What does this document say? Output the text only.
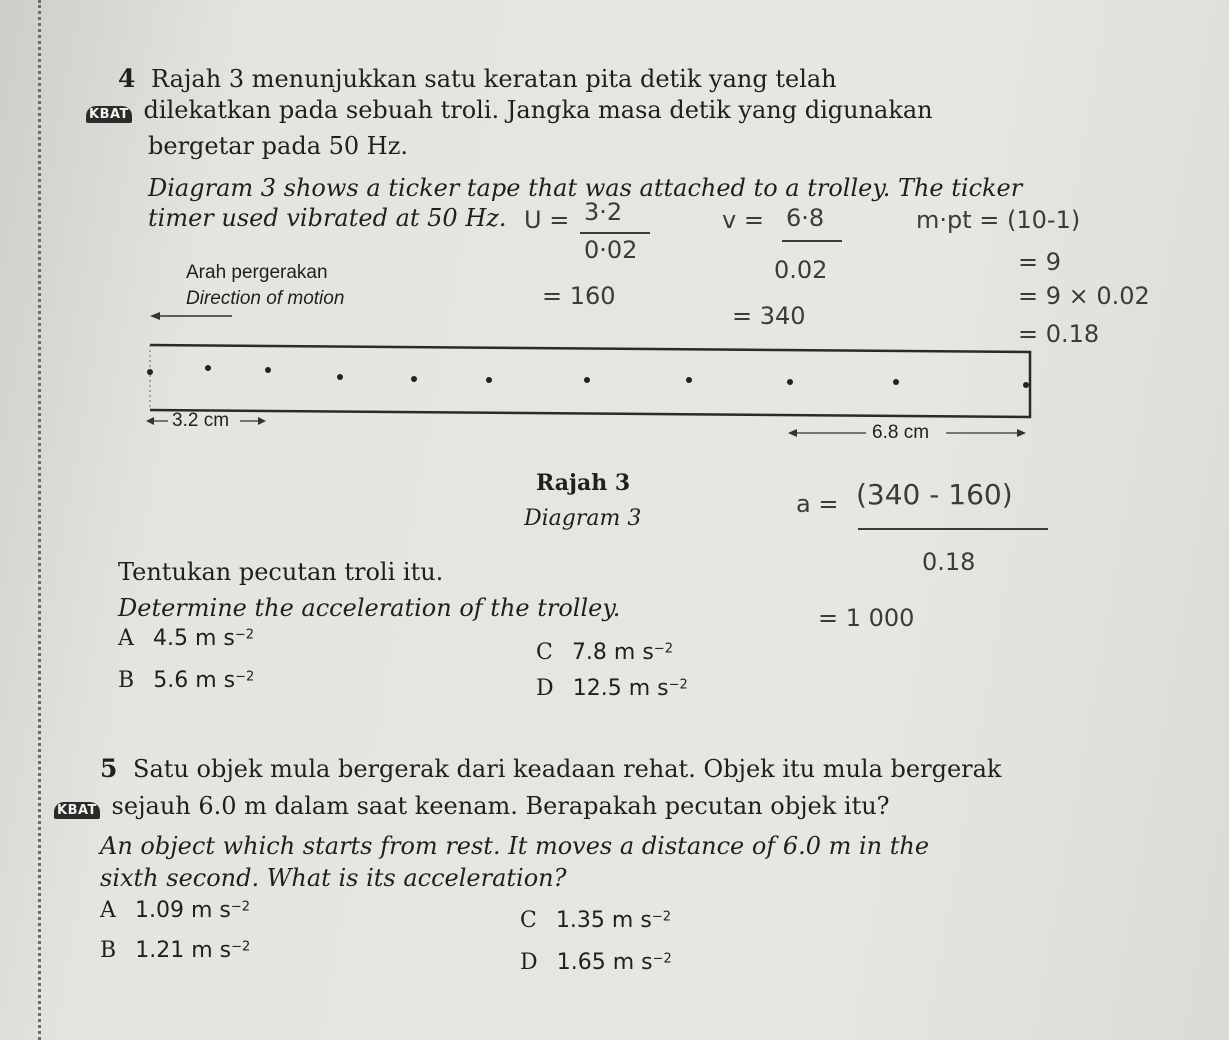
4 Rajah 3 menunjukkan satu keratan pita detik yang telah
KBAT dilekatkan pada sebuah troli. Jangka masa detik yang digunakan
bergetar pada 50 Hz.
Diagram 3 shows a ticker tape that was attached to a trolley. The ticker
timer used vibrated at 50 Hz.
Arah pergerakan
Direction of motion
3.2 cm
6.8 cm
Rajah 3
Diagram 3
Tentukan pecutan troli itu.
Determine the acceleration of the trolley.
A 4.5 m $s^{-2}$
B 5.6 m $s^{-2}$
C 7.8 m $s^{-2}$
D 12.5 m $s^{-2}$
5 Satu objek mula bergerak dari keadaan rehat. Objek itu mula bergerak
KBAT sejauh 6.0 m dalam saat keenam. Berapakah pecutan objek itu?
An object which starts from rest. It moves a distance of 6.0 m in the
sixth second. What is its acceleration?
A 1.09 m $s^{-2}$
B 1.21 m $s^{-2}$
C 1.35 m $s^{-2}$
D 1.65 m $s^{-2}$
U = 3·2
0·02
= 160
v = 6·8
0.02
= 340
m·pt = (10-1)
= 9
= 9 × 0.02
= 0.18
a = (340 - 160)
0.18
= 1 000
